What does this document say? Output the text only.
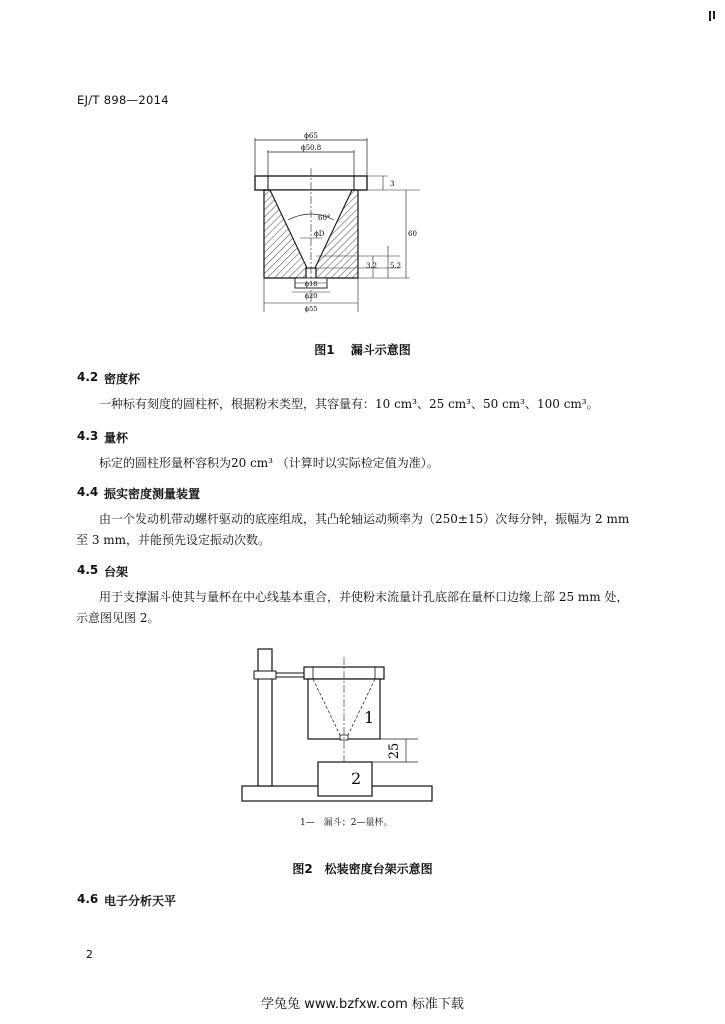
EJ/T 898—2014
ϕ65
ϕ50.8
60°
ϕD
3
60
3.2 5.2
ϕ18
ϕ20
ϕ55
图1　 漏斗示意图
4.2 密度杯
一种标有刻度的圆柱杯，根据粉末类型，其容量有：10 cm³、25 cm³、50 cm³、100 cm³。
4.3 量杯
标定的圆柱形量杯容积为20 cm³ （计算时以实际检定值为准）。
4.4 振实密度测量装置
由一个发动机带动螺杆驱动的底座组成，其凸轮轴运动频率为（250±15）次每分钟，振幅为 2 mm
至 3 mm，并能预先设定振动次数。
4.5 台架
用于支撑漏斗使其与量杯在中心线基本重合，并使粉末流量计孔底部在量杯口边缘上部 25 mm 处，
示意图见图 2。
1
2
25
1—　漏斗；2—量杯。
图2　松装密度台架示意图
4.6 电子分析天平
2
学兔兔 www.bzfxw.com 标准下载
